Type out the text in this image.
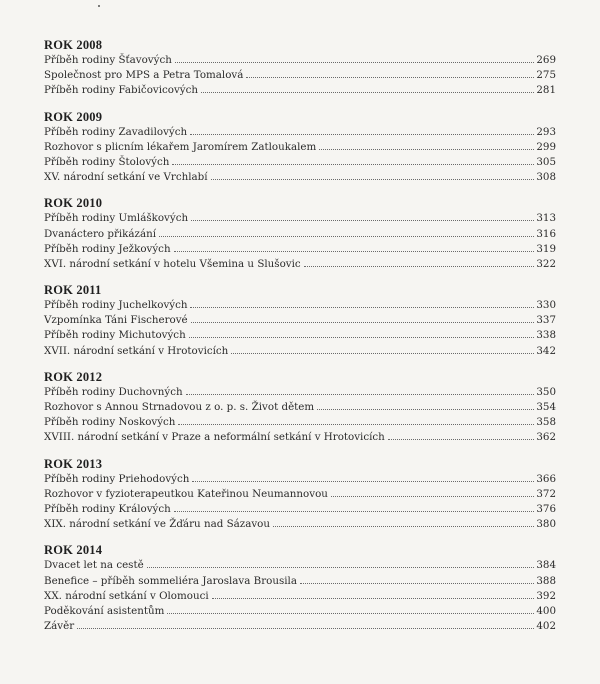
ROK 2008
Příběh rodiny Šťavových	269
Společnost pro MPS a Petra Tomalová	275
Příběh rodiny Fabičovicových	281
ROK 2009
Příběh rodiny Zavadilových	293
Rozhovor s plicním lékařem Jaromírem Zatloukalem	299
Příběh rodiny Štolových	305
XV. národní setkání ve Vrchlabí	308
ROK 2010
Příběh rodiny Umláškových	313
Dvanáctero přikázání	316
Příběh rodiny Ježkových	319
XVI. národní setkání v hotelu Všemina u Slušovic	322
ROK 2011
Příběh rodiny Juchelkových	330
Vzpomínka Táni Fischerové	337
Příběh rodiny Michutových	338
XVII. národní setkání v Hrotovicích	342
ROK 2012
Příběh rodiny Duchovných	350
Rozhovor s Annou Strnadovou z o. p. s. Život dětem	354
Příběh rodiny Noskových	358
XVIII. národní setkání v Praze a neformální setkání v Hrotovicích	362
ROK 2013
Příběh rodiny Priehodových	366
Rozhovor v fyzioterapeutkou Kateřinou Neumannovou	372
Příběh rodiny Králových	376
XIX. národní setkání ve Žďáru nad Sázavou	380
ROK 2014
Dvacet let na cestě	384
Benefice – příběh sommeliéra Jaroslava Brousila	388
XX. národní setkání v Olomouci	392
Poděkování asistentům	400
Závěr	402
